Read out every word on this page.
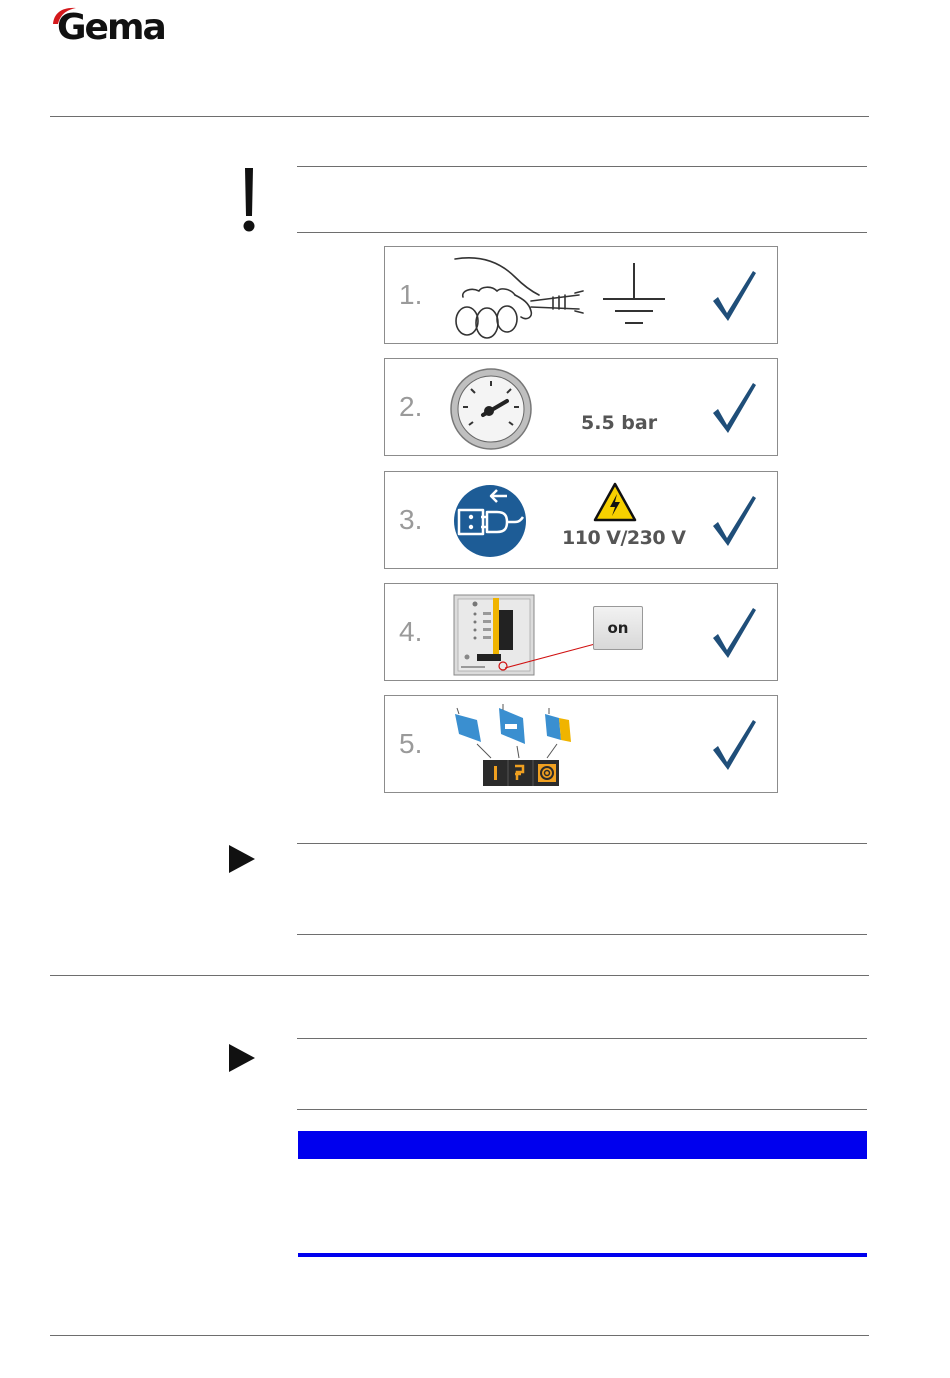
Gema
1.
2.
5.5 bar
3.
110 V/230 V
4.	on
5.
